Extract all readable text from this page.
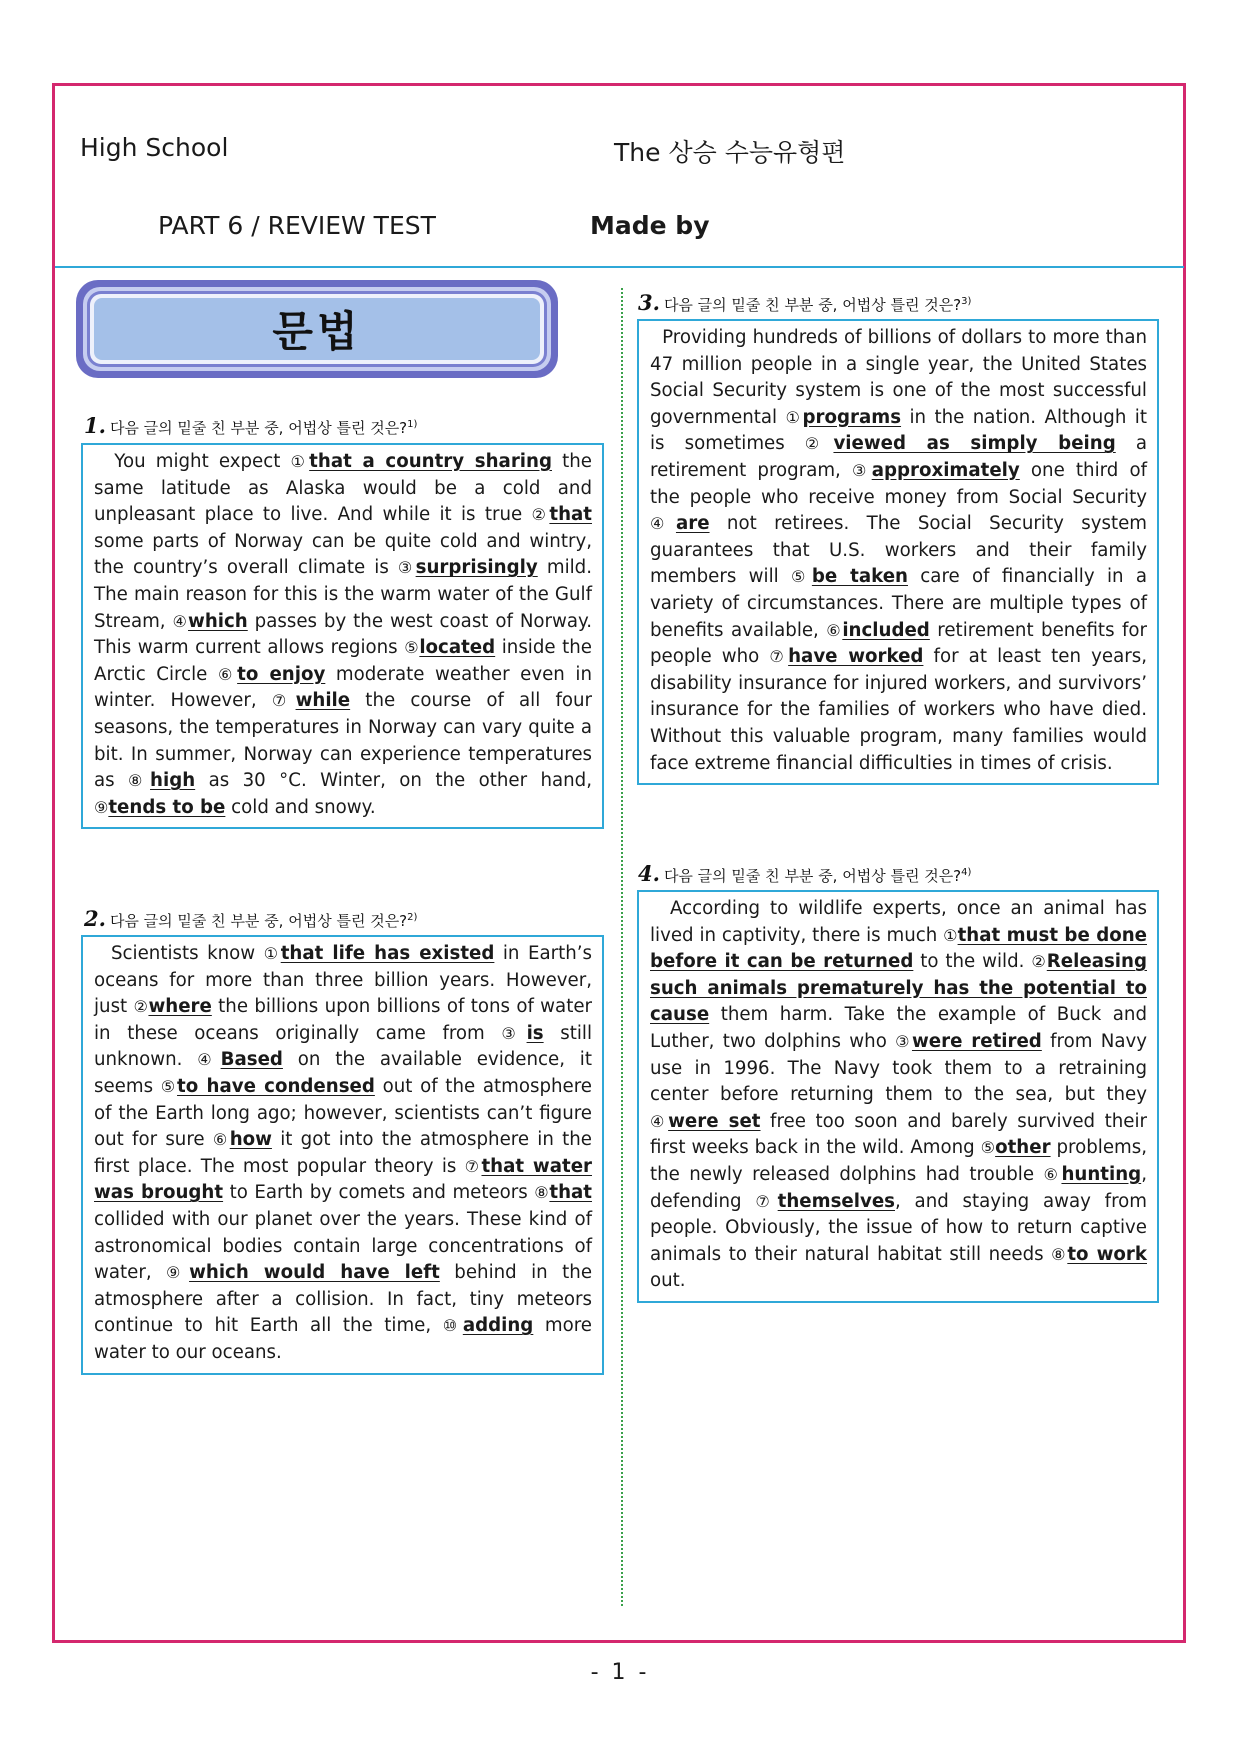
High School	The 상승 수능유형편
PART 6 / REVIEW TEST	Made by
문법
1. 다음 글의 밑줄 친 부분 중, 어법상 틀린 것은?$^{1)}$
You might expect ①that a country sharing the same latitude as Alaska would be a cold and unpleasant place to live. And while it is true ②that some parts of Norway can be quite cold and wintry, the country’s overall climate is ③surprisingly mild. The main reason for this is the warm water of the Gulf Stream, ④which passes by the west coast of Norway. This warm current allows regions ⑤located inside the Arctic Circle ⑥to enjoy moderate weather even in winter. However, ⑦while the course of all four seasons, the temperatures in Norway can vary quite a bit. In summer, Norway can experience temperatures as ⑧high as 30 °C. Winter, on the other hand, ⑨tends to be cold and snowy.
2. 다음 글의 밑줄 친 부분 중, 어법상 틀린 것은?$^{2)}$
Scientists know ①that life has existed in Earth’s oceans for more than three billion years. However, just ②where the billions upon billions of tons of water in these oceans originally came from ③is still unknown. ④Based on the available evidence, it seems ⑤to have condensed out of the atmosphere of the Earth long ago; however, scientists can’t figure out for sure ⑥how it got into the atmosphere in the first place. The most popular theory is ⑦that water was brought to Earth by comets and meteors ⑧that collided with our planet over the years. These kind of astronomical bodies contain large concentrations of water, ⑨which would have left behind in the atmosphere after a collision. In fact, tiny meteors continue to hit Earth all the time, ⑩adding more water to our oceans.
3. 다음 글의 밑줄 친 부분 중, 어법상 틀린 것은?$^{3)}$
Providing hundreds of billions of dollars to more than 47 million people in a single year, the United States Social Security system is one of the most successful governmental ①programs in the nation. Although it is sometimes ②viewed as simply being a retirement program, ③approximately one third of the people who receive money from Social Security ④are not retirees. The Social Security system guarantees that U.S. workers and their family members will ⑤be taken care of financially in a variety of circumstances. There are multiple types of benefits available, ⑥included retirement benefits for people who ⑦have worked for at least ten years, disability insurance for injured workers, and survivors’ insurance for the families of workers who have died. Without this valuable program, many families would face extreme financial difficulties in times of crisis.
4. 다음 글의 밑줄 친 부분 중, 어법상 틀린 것은?$^{4)}$
According to wildlife experts, once an animal has lived in captivity, there is much ①that must be done before it can be returned to the wild. ②Releasing such animals prematurely has the potential to cause them harm. Take the example of Buck and Luther, two dolphins who ③were retired from Navy use in 1996. The Navy took them to a retraining center before returning them to the sea, but they ④were set free too soon and barely survived their first weeks back in the wild. Among ⑤other problems, the newly released dolphins had trouble ⑥hunting, defending ⑦themselves, and staying away from people. Obviously, the issue of how to return captive animals to their natural habitat still needs ⑧to work out.
- 1 -
